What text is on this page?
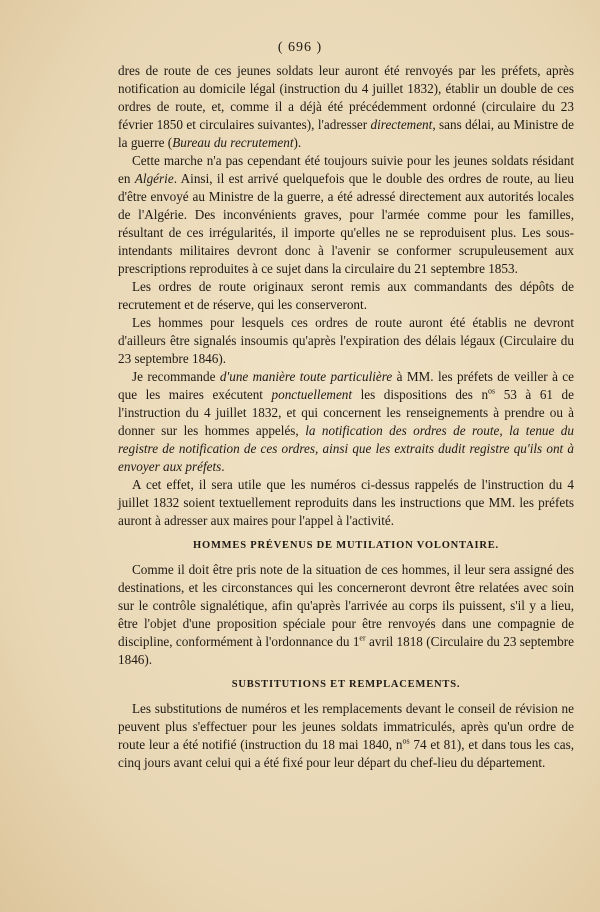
( 696 )

dres de route de ces jeunes soldats leur auront été renvoyés par les préfets, après notification au domicile légal (instruction du 4 juillet 1832), établir un double de ces ordres de route, et, comme il a déjà été précédemment ordonné (circulaire du 23 février 1850 et circulaires suivantes), l'adresser directement, sans délai, au Ministre de la guerre (Bureau du recrutement).

Cette marche n'a pas cependant été toujours suivie pour les jeunes soldats résidant en Algérie. Ainsi, il est arrivé quelquefois que le double des ordres de route, au lieu d'être envoyé au Ministre de la guerre, a été adressé directement aux autorités locales de l'Algérie. Des inconvénients graves, pour l'armée comme pour les familles, résultant de ces irrégularités, il importe qu'elles ne se reproduisent plus. Les sous-intendants militaires devront donc à l'avenir se conformer scrupuleusement aux prescriptions reproduites à ce sujet dans la circulaire du 21 septembre 1853.

Les ordres de route originaux seront remis aux commandants des dépôts de recrutement et de réserve, qui les conserveront.

Les hommes pour lesquels ces ordres de route auront été établis ne devront d'ailleurs être signalés insoumis qu'après l'expiration des délais légaux (Circulaire du 23 septembre 1846).

Je recommande d'une manière toute particulière à MM. les préfets de veiller à ce que les maires exécutent ponctuellement les dispositions des $n^{os}$ 53 à 61 de l'instruction du 4 juillet 1832, et qui concernent les renseignements à prendre ou à donner sur les hommes appelés, la notification des ordres de route, la tenue du registre de notification de ces ordres, ainsi que les extraits dudit registre qu'ils ont à envoyer aux préfets.

A cet effet, il sera utile que les numéros ci-dessus rappelés de l'instruction du 4 juillet 1832 soient textuellement reproduits dans les instructions que MM. les préfets auront à adresser aux maires pour l'appel à l'activité.

HOMMES PRÉVENUS DE MUTILATION VOLONTAIRE.

Comme il doit être pris note de la situation de ces hommes, il leur sera assigné des destinations, et les circonstances qui les concerneront devront être relatées avec soin sur le contrôle signalétique, afin qu'après l'arrivée au corps ils puissent, s'il y a lieu, être l'objet d'une proposition spéciale pour être renvoyés dans une compagnie de discipline, conformément à l'ordonnance du 1er avril 1818 (Circulaire du 23 septembre 1846).

SUBSTITUTIONS ET REMPLACEMENTS.

Les substitutions de numéros et les remplacements devant le conseil de révision ne peuvent plus s'effectuer pour les jeunes soldats immatriculés, après qu'un ordre de route leur a été notifié (instruction du 18 mai 1840, $n^{os}$ 74 et 81), et dans tous les cas, cinq jours avant celui qui a été fixé pour leur départ du chef-lieu du département.
